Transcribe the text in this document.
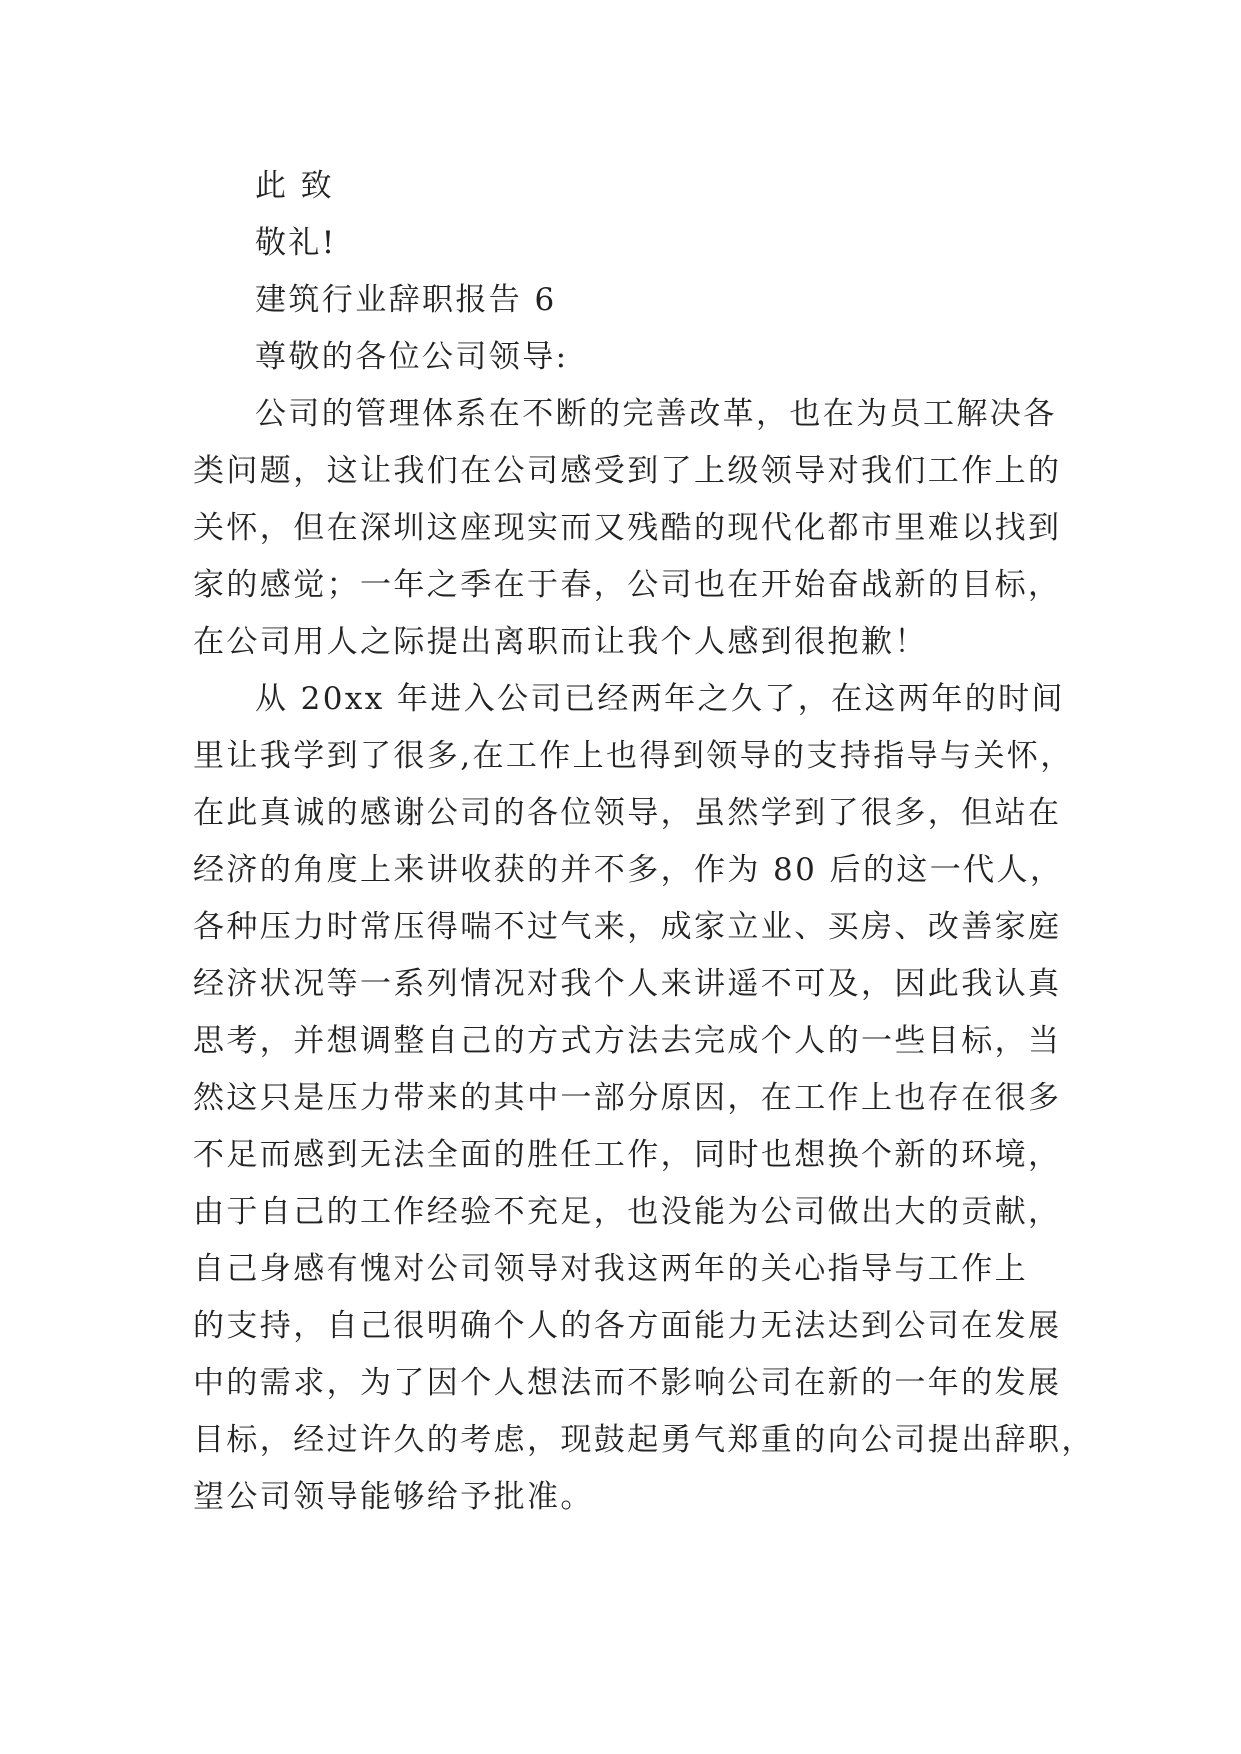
此 致
敬礼!
建筑行业辞职报告 6
尊敬的各位公司领导:
公司的管理体系在不断的完善改革，也在为员工解决各
类问题，这让我们在公司感受到了上级领导对我们工作上的
关怀，但在深圳这座现实而又残酷的现代化都市里难以找到
家的感觉；一年之季在于春，公司也在开始奋战新的目标，
在公司用人之际提出离职而让我个人感到很抱歉！
从 20xx 年进入公司已经两年之久了，在这两年的时间
里让我学到了很多,在工作上也得到领导的支持指导与关怀，
在此真诚的感谢公司的各位领导，虽然学到了很多，但站在
经济的角度上来讲收获的并不多，作为 80 后的这一代人，
各种压力时常压得喘不过气来，成家立业、买房、改善家庭
经济状况等一系列情况对我个人来讲遥不可及，因此我认真
思考，并想调整自己的方式方法去完成个人的一些目标，当
然这只是压力带来的其中一部分原因，在工作上也存在很多
不足而感到无法全面的胜任工作，同时也想换个新的环境，
由于自己的工作经验不充足，也没能为公司做出大的贡献，
自己身感有愧对公司领导对我这两年的关心指导与工作上
的支持，自己很明确个人的各方面能力无法达到公司在发展
中的需求，为了因个人想法而不影响公司在新的一年的发展
目标，经过许久的考虑，现鼓起勇气郑重的向公司提出辞职，
望公司领导能够给予批准。
